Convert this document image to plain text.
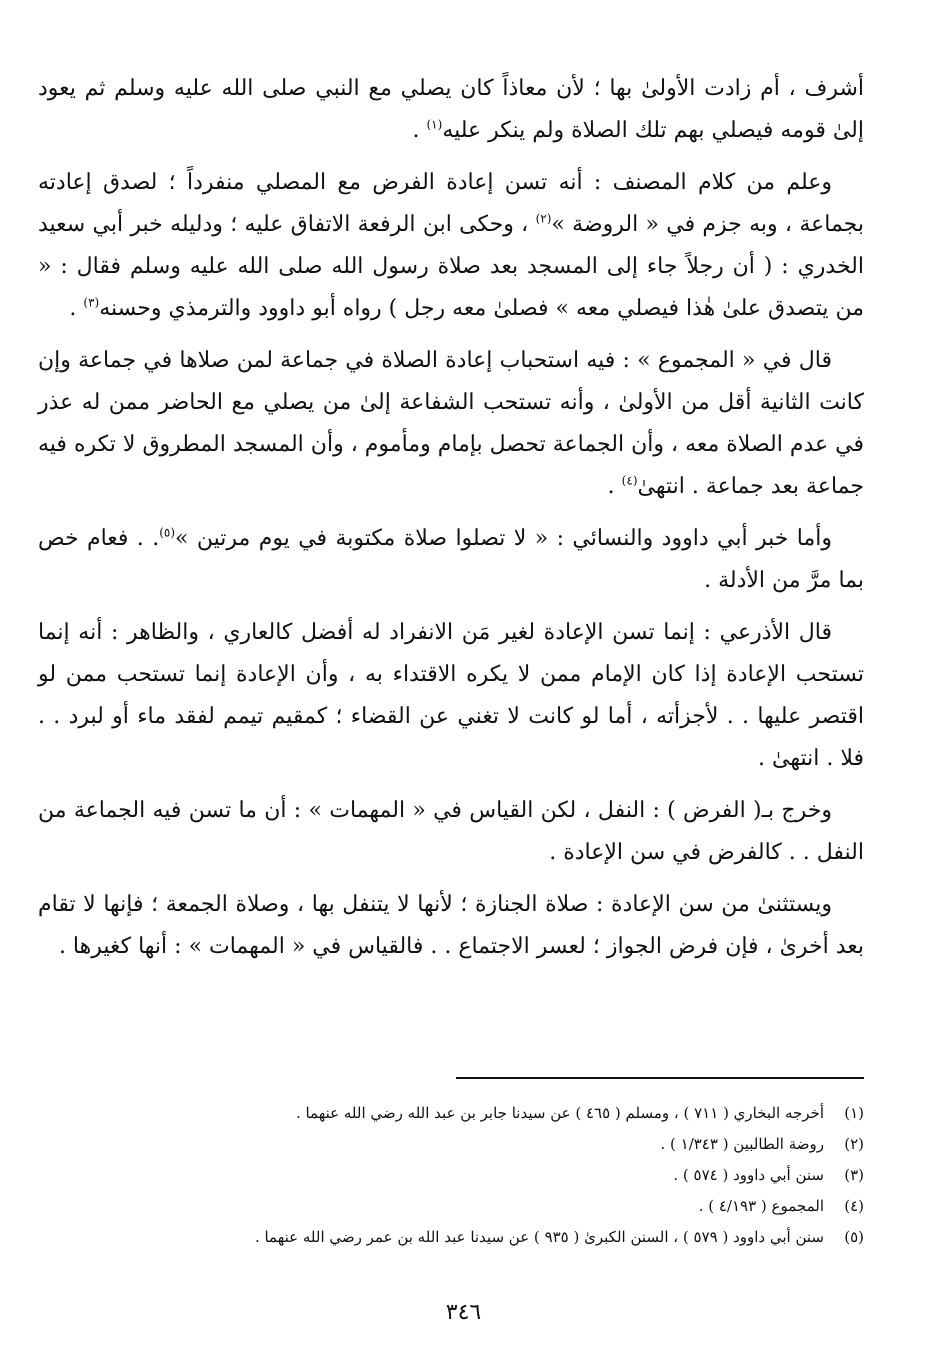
أشرف ، أم زادت الأولىٰ بها ؛ لأن معاذاً كان يصلي مع النبي صلى الله عليه وسلم ثم يعود إلىٰ قومه فيصلي بهم تلك الصلاة ولم ينكر عليه$^{(١)}$ .

وعلم من كلام المصنف : أنه تسن إعادة الفرض مع المصلي منفرداً ؛ لصدق إعادته بجماعة ، وبه جزم في « الروضة »$^{(٢)}$ ، وحكى ابن الرفعة الاتفاق عليه ؛ ودليله خبر أبي سعيد الخدري : ( أن رجلاً جاء إلى المسجد بعد صلاة رسول الله صلى الله عليه وسلم فقال : « من يتصدق علىٰ هٰذا فيصلي معه » فصلىٰ معه رجل ) رواه أبو داوود والترمذي وحسنه$^{(٣)}$ .

قال في « المجموع » : فيه استحباب إعادة الصلاة في جماعة لمن صلاها في جماعة وإن كانت الثانية أقل من الأولىٰ ، وأنه تستحب الشفاعة إلىٰ من يصلي مع الحاضر ممن له عذر في عدم الصلاة معه ، وأن الجماعة تحصل بإمام ومأموم ، وأن المسجد المطروق لا تكره فيه جماعة بعد جماعة . انتهىٰ$^{(٤)}$ .

وأما خبر أبي داوود والنسائي : « لا تصلوا صلاة مكتوبة في يوم مرتين »$^{(٥)}$. . فعام خص بما مرَّ من الأدلة .

قال الأذرعي : إنما تسن الإعادة لغير مَن الانفراد له أفضل كالعاري ، والظاهر : أنه إنما تستحب الإعادة إذا كان الإمام ممن لا يكره الاقتداء به ، وأن الإعادة إنما تستحب ممن لو اقتصر عليها . . لأجزأته ، أما لو كانت لا تغني عن القضاء ؛ كمقيم تيمم لفقد ماء أو لبرد . . فلا . انتهىٰ .

وخرج بـ( الفرض ) : النفل ، لكن القياس في « المهمات » : أن ما تسن فيه الجماعة من النفل . . كالفرض في سن الإعادة .

ويستثنىٰ من سن الإعادة : صلاة الجنازة ؛ لأنها لا يتنفل بها ، وصلاة الجمعة ؛ فإنها لا تقام بعد أخرىٰ ، فإن فرض الجواز ؛ لعسر الاجتماع . . فالقياس في « المهمات » : أنها كغيرها .

(١)
أخرجه البخاري ( ٧١١ ) ، ومسلم ( ٤٦٥ ) عن سيدنا جابر بن عبد الله رضي الله عنهما .
(٢)
روضة الطالبين ( ١/٣٤٣ ) .
(٣)
سنن أبي داوود ( ٥٧٤ ) .
(٤)
المجموع ( ٤/١٩٣ ) .
(٥)
سنن أبي داوود ( ٥٧٩ ) ، السنن الكبرىٰ ( ٩٣٥ ) عن سيدنا عبد الله بن عمر رضي الله عنهما .
٣٤٦
